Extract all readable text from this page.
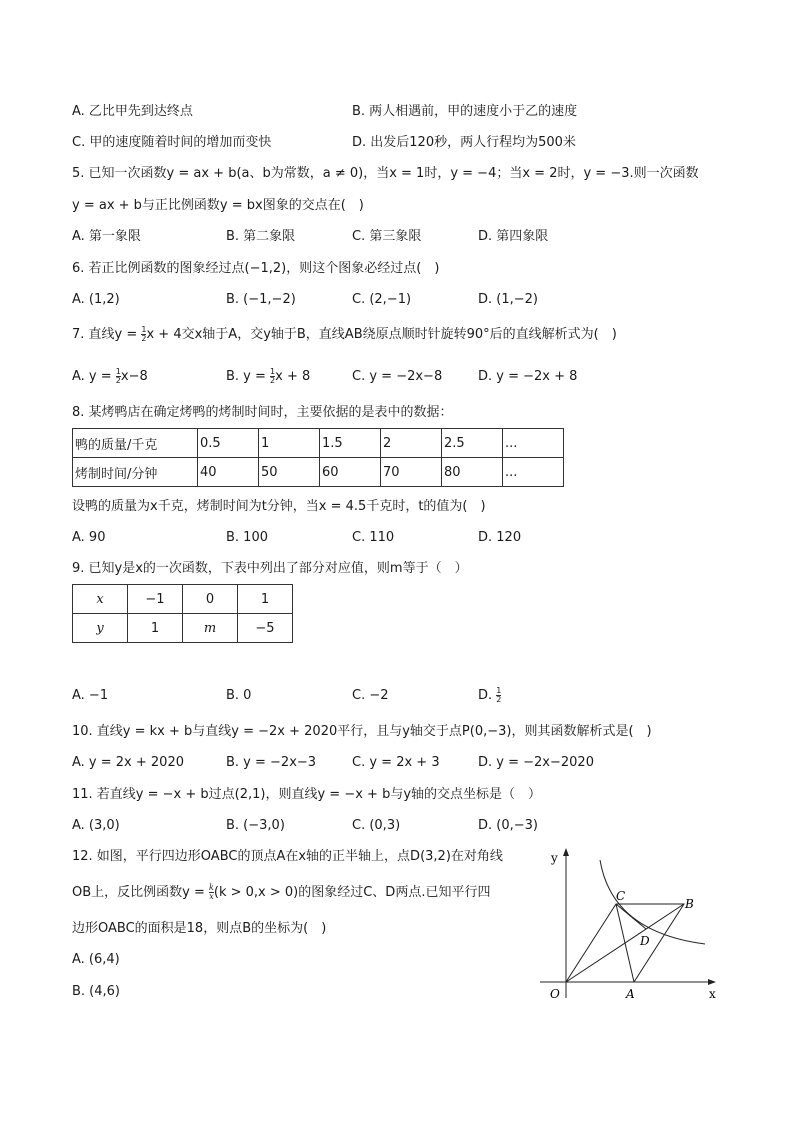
A. 乙比甲先到达终点	B. 两人相遇前，甲的速度小于乙的速度
C. 甲的速度随着时间的增加而变快	D. 出发后120秒，两人行程均为500米
5. 已知一次函数y = ax + b(a、b为常数，a ≠ 0)，当x = 1时，y = −4；当x = 2时，y = −3.则一次函数
y = ax + b与正比例函数y = bx图象的交点在(　)
A. 第一象限	B. 第二象限	C. 第三象限	D. 第四象限
6. 若正比例函数的图象经过点(−1,2)，则这个图象必经过点(　)
A. (1,2)	B. (−1,−2)	C. (2,−1)	D. (1,−2)
7. 直线$y = \frac{1}{2}$ x + 4交x轴于A，交y轴于B，直线AB绕原点顺时针旋转90°后的直线解析式为(　)
A. $y = \frac{1}{2} x-8$	B. $y = \frac{1}{2}$ x + 8	C. y = −2x−8	D. y = −2x + 8
8. 某烤鸭店在确定烤鸭的烤制时间时，主要依据的是表中的数据：
鸭的质量/千克	0.5	1	1.5	2	2.5	...
烤制时间/分钟	40	50	60	70	80	...
设鸭的质量为x千克，烤制时间为t分钟，当x = 4.5千克时，t的值为(　)
A. 90	B. 100	C. 110	D. 120
9. 已知y是x的一次函数，下表中列出了部分对应值，则m等于（　）
x	−1	0	1
y	1	m	−5
A. −1	B. 0	C. −2	D. $\frac{1}{2}$
10. 直线y = kx + b与直线y = −2x + 2020平行，且与y轴交于点P(0,−3)，则其函数解析式是(　)
A. y = 2x + 2020	B. y = −2x−3	C. y = 2x + 3	D. y = −2x−2020
11. 若直线y = −x + b过点(2,1)，则直线y = −x + b与y轴的交点坐标是（　）
A. (3,0)	B. (−3,0)	C. (0,3)	D. (0,−3)
12. 如图，平行四边形OABC的顶点A在x轴的正半轴上，点D(3,2)在对角线
OB上，反比例函数$y = \frac{k}{x} (k > 0,x > 0)$的图象经过C、D两点.已知平行四
边形OABC的面积是18，则点B的坐标为(　)
A. (6,4)
B. (4,6)
y
x
O	A
B
C
D
